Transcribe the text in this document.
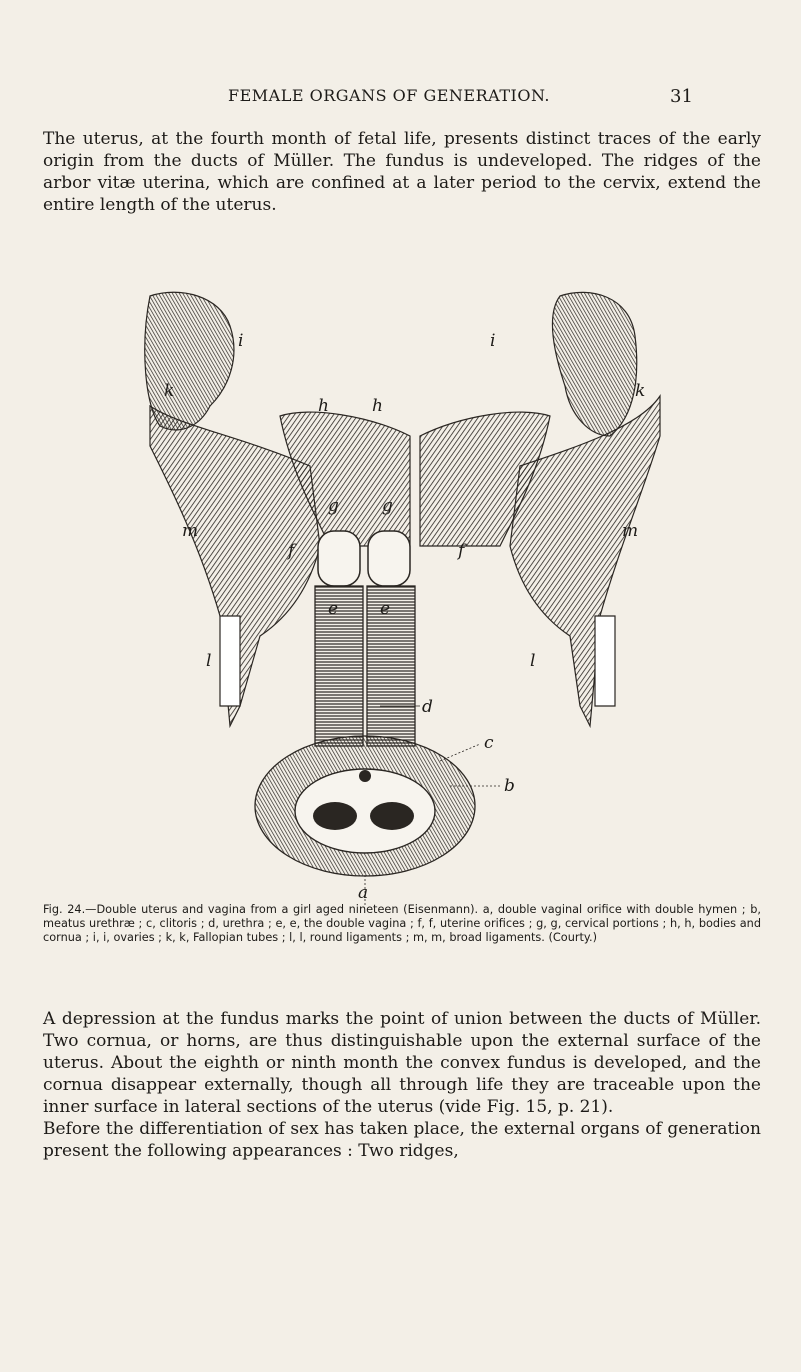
FEMALE ORGANS OF GENERATION.	31
The uterus, at the fourth month of fetal life, presents distinct traces of the early origin from the ducts of Müller. The fundus is undeveloped. The ridges of the arbor vitæ uterina, which are confined at a later period to the cervix, extend the entire length of the uterus.
i	i
k	k
h	h
g	g
m	m
f	f
e e
l	l
d
c
b
a
Fig. 24.—Double uterus and vagina from a girl aged nineteen (Eisenmann). a, double vaginal orifice with double hymen ; b, meatus urethræ ; c, clitoris ; d, urethra ; e, e, the double vagina ; f, f, uterine orifices ; g, g, cervical portions ; h, h, bodies and cornua ; i, i, ovaries ; k, k, Fallopian tubes ; l, l, round ligaments ; m, m, broad ligaments. (Courty.)

A depression at the fundus marks the point of union between the ducts of Müller. Two cornua, or horns, are thus distinguishable upon the external surface of the uterus. About the eighth or ninth month the convex fundus is developed, and the cornua disappear externally, though all through life they are traceable upon the inner surface in lateral sections of the uterus (vide Fig. 15, p. 21).

Before the differentiation of sex has taken place, the external organs of generation present the following appearances : Two ridges,
